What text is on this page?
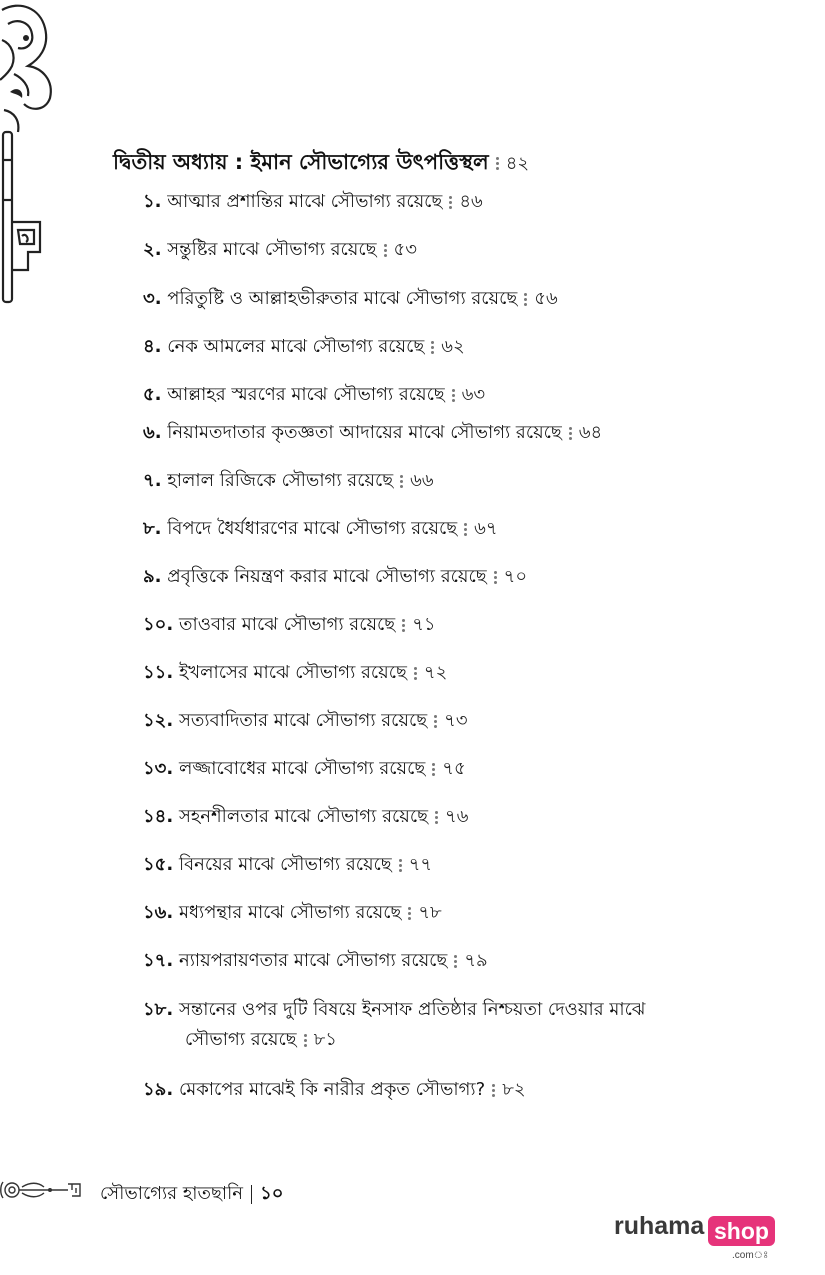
দ্বিতীয় অধ্যায় : ইমান সৌভাগ্যের উৎপত্তিস্থল ৪২
১. আত্মার প্রশান্তির মাঝে সৌভাগ্য রয়েছে ৪৬
২. সন্তুষ্টির মাঝে সৌভাগ্য রয়েছে ৫৩
৩. পরিতুষ্টি ও আল্লাহভীরুতার মাঝে সৌভাগ্য রয়েছে ৫৬
৪. নেক আমলের মাঝে সৌভাগ্য রয়েছে ৬২
৫. আল্লাহর স্মরণের মাঝে সৌভাগ্য রয়েছে ৬৩
৬. নিয়ামতদাতার কৃতজ্ঞতা আদায়ের মাঝে সৌভাগ্য রয়েছে ৬৪
৭. হালাল রিজিকে সৌভাগ্য রয়েছে ৬৬
৮. বিপদে ধৈর্যধারণের মাঝে সৌভাগ্য রয়েছে ৬৭
৯. প্রবৃত্তিকে নিয়ন্ত্রণ করার মাঝে সৌভাগ্য রয়েছে ৭০
১০. তাওবার মাঝে সৌভাগ্য রয়েছে ৭১
১১. ইখলাসের মাঝে সৌভাগ্য রয়েছে ৭২
১২. সত্যবাদিতার মাঝে সৌভাগ্য রয়েছে ৭৩
১৩. লজ্জাবোধের মাঝে সৌভাগ্য রয়েছে ৭৫
১৪. সহনশীলতার মাঝে সৌভাগ্য রয়েছে ৭৬
১৫. বিনয়ের মাঝে সৌভাগ্য রয়েছে ৭৭
১৬. মধ্যপন্থার মাঝে সৌভাগ্য রয়েছে ৭৮
১৭. ন্যায়পরায়ণতার মাঝে সৌভাগ্য রয়েছে ৭৯
১৮. সন্তানের ওপর দুটি বিষয়ে ইনসাফ প্রতিষ্ঠার নিশ্চয়তা দেওয়ার মাঝে
সৌভাগ্য রয়েছে ৮১
১৯. মেকাপের মাঝেই কি নারীর প্রকৃত সৌভাগ্য? ৮২
সৌভাগ্যের হাতছানি ১০
ruhama shop
.comঃ
